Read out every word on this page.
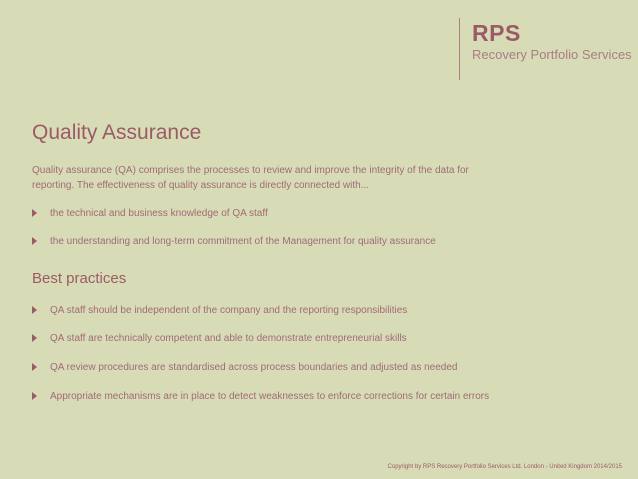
RPS
Recovery Portfolio Services
Quality Assurance
Quality assurance (QA) comprises the processes to review and improve the integrity of the data for reporting. The effectiveness of quality assurance is directly connected with...
the technical and business knowledge of QA staff
the understanding and long-term commitment of the Management for quality assurance
Best practices
QA staff should be independent of the company and the reporting responsibilities
QA staff are technically competent and able to demonstrate entrepreneurial skills
QA review procedures are standardised across process boundaries and adjusted as needed
Appropriate mechanisms are in place to detect weaknesses to enforce corrections for certain errors
Copyright by RPS Recovery Portfolio Services Ltd. London - United Kingdom 2014/2015
